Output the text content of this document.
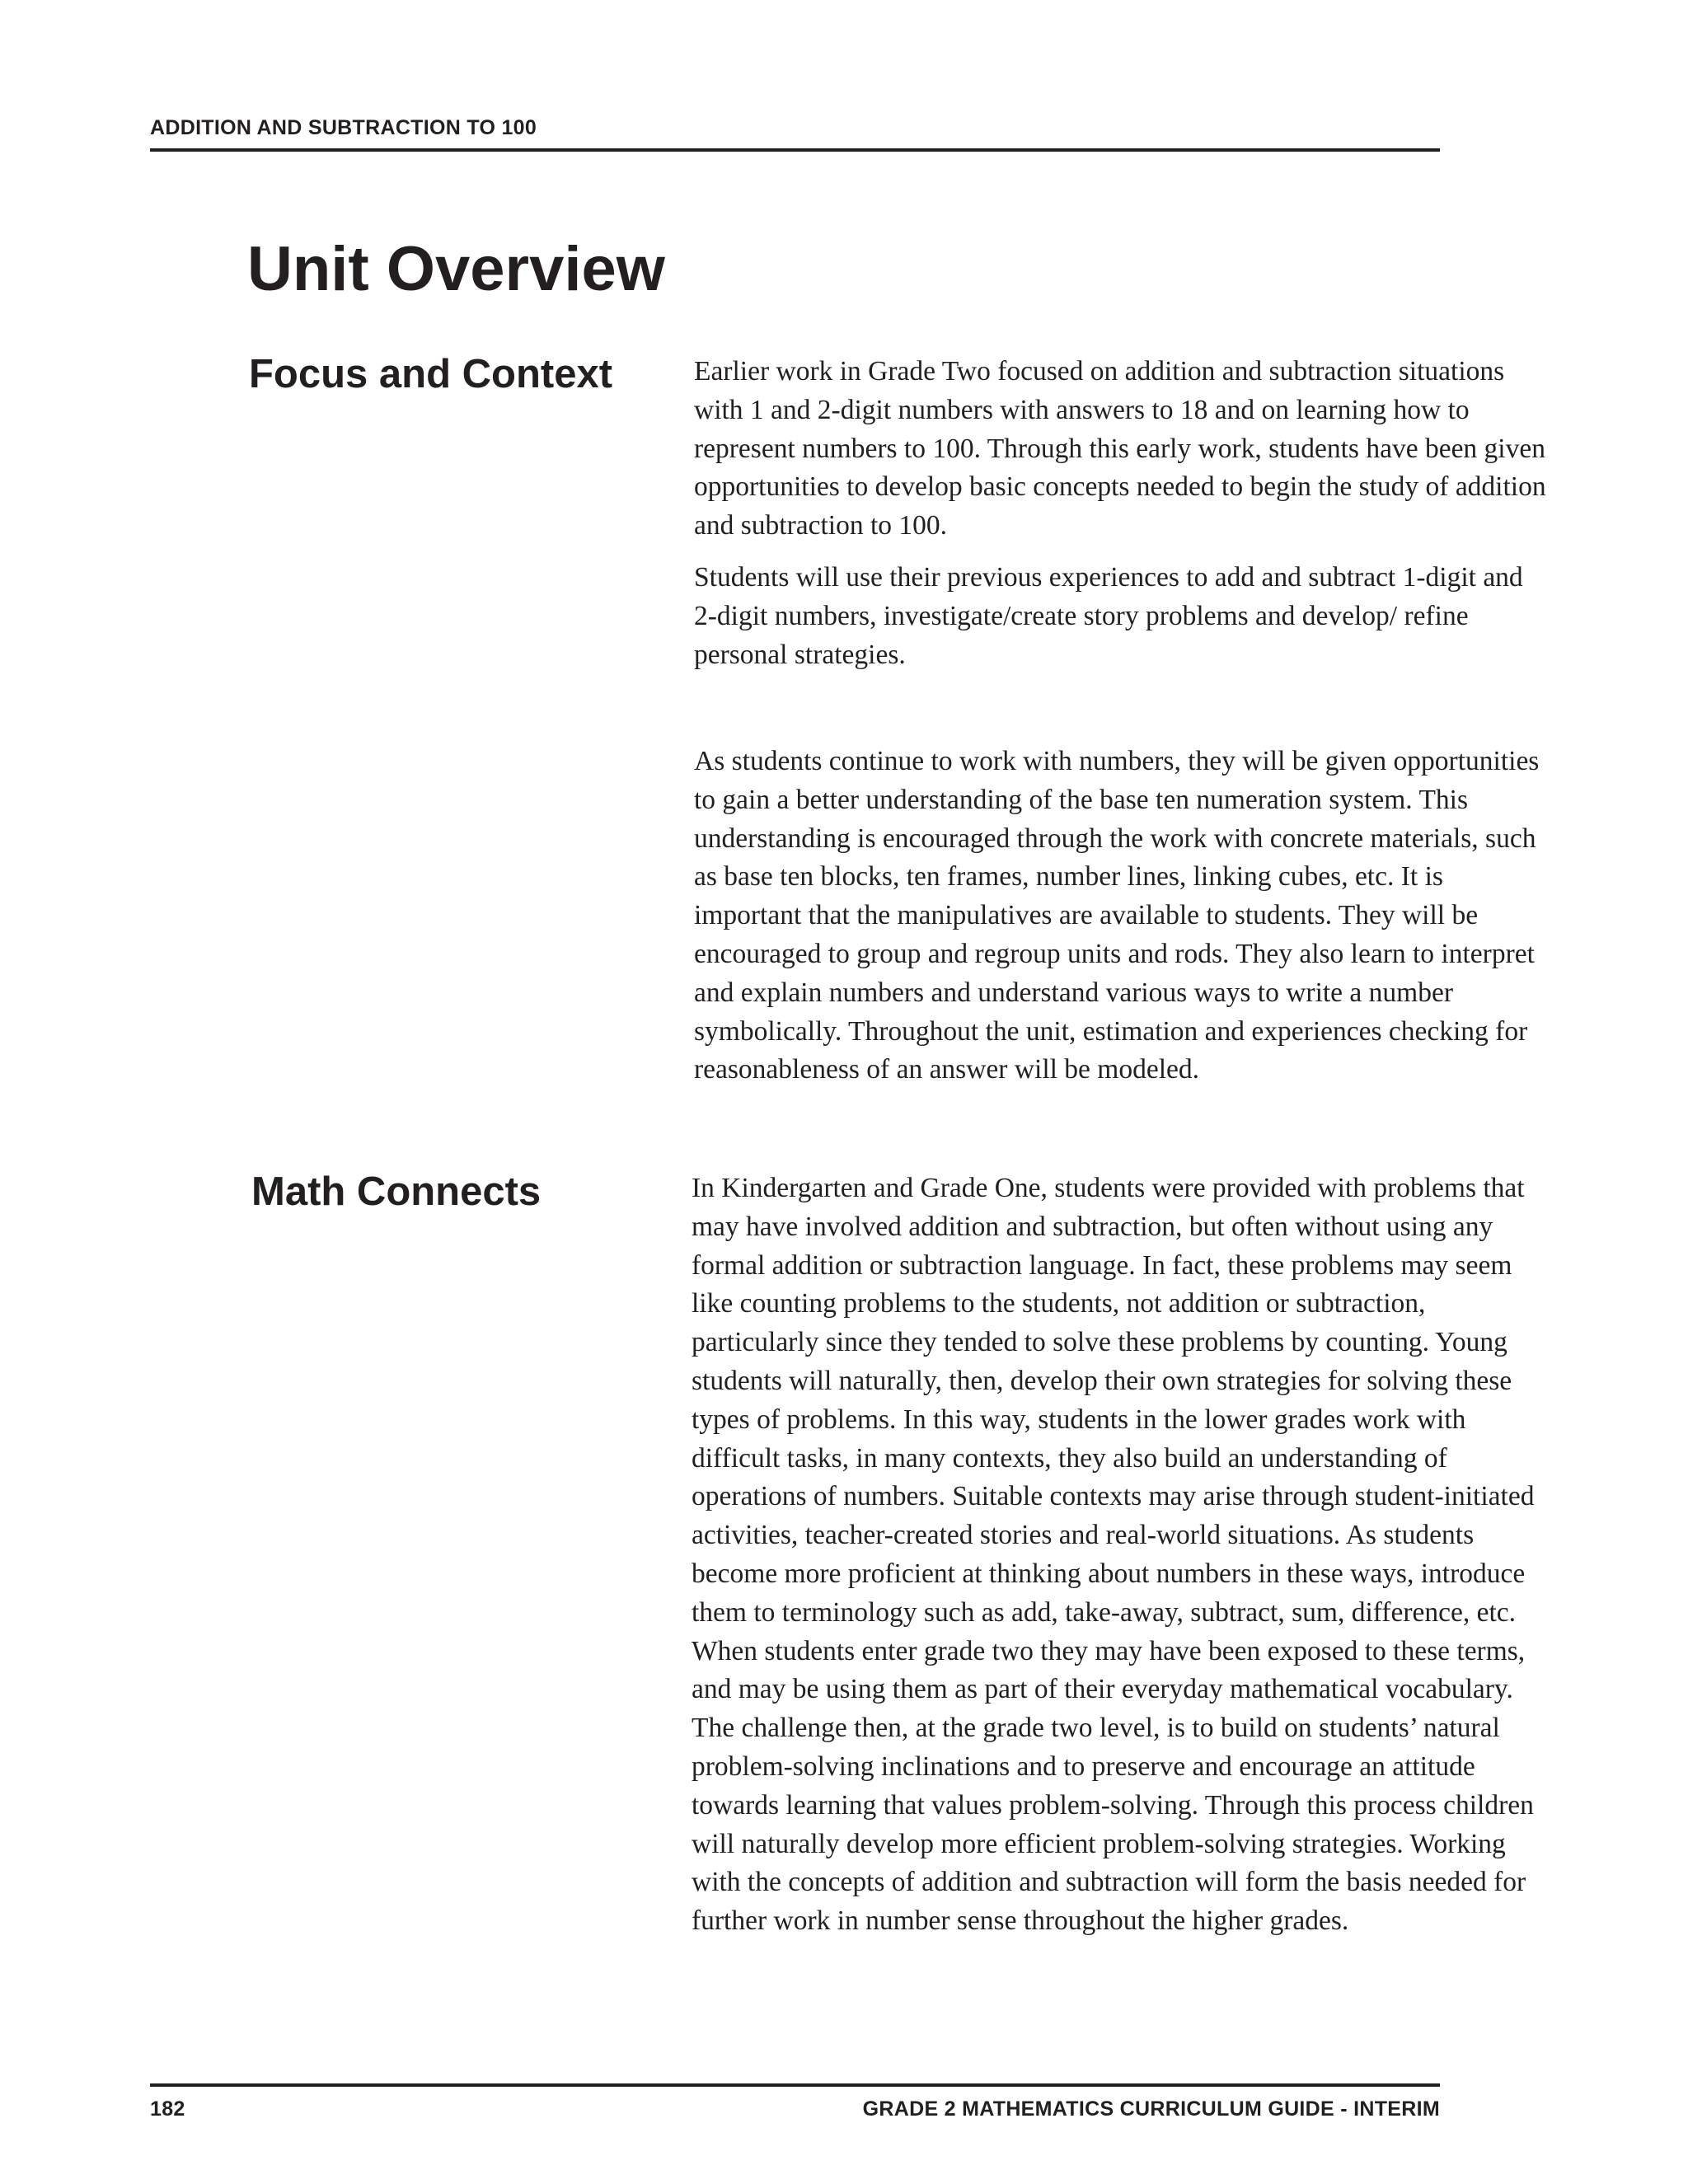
ADDITION AND SUBTRACTION TO 100
Unit Overview
Focus and Context	Earlier work in Grade Two focused on addition and subtraction situations with 1 and 2-digit numbers with answers to 18 and on learning how to represent numbers to 100. Through this early work, students have been given opportunities to develop basic concepts needed to begin the study of addition and subtraction to 100.

Students will use their previous experiences to add and subtract 1-digit and 2-digit numbers, investigate/create story problems and develop/ refine personal strategies.

As students continue to work with numbers, they will be given opportunities to gain a better understanding of the base ten numeration system. This understanding is encouraged through the work with concrete materials, such as base ten blocks, ten frames, number lines, linking cubes, etc. It is important that the manipulatives are available to students. They will be encouraged to group and regroup units and rods. They also learn to interpret and explain numbers and understand various ways to write a number symbolically. Throughout the unit, estimation and experiences checking for reasonableness of an answer will be modeled.

Math Connects	In Kindergarten and Grade One, students were provided with problems that may have involved addition and subtraction, but often without using any formal addition or subtraction language. In fact, these problems may seem like counting problems to the students, not addition or subtraction, particularly since they tended to solve these problems by counting. Young students will naturally, then, develop their own strategies for solving these types of problems. In this way, students in the lower grades work with difficult tasks, in many contexts, they also build an understanding of operations of numbers. Suitable contexts may arise through student-initiated activities, teacher-created stories and real-world situations. As students become more proficient at thinking about numbers in these ways, introduce them to terminology such as add, take-away, subtract, sum, difference, etc. When students enter grade two they may have been exposed to these terms, and may be using them as part of their everyday mathematical vocabulary. The challenge then, at the grade two level, is to build on students’ natural problem-solving inclinations and to preserve and encourage an attitude towards learning that values problem-solving. Through this process children will naturally develop more efficient problem-solving strategies. Working with the concepts of addition and subtraction will form the basis needed for further work in number sense throughout the higher grades.

182	GRADE 2 MATHEMATICS CURRICULUM GUIDE - INTERIM
